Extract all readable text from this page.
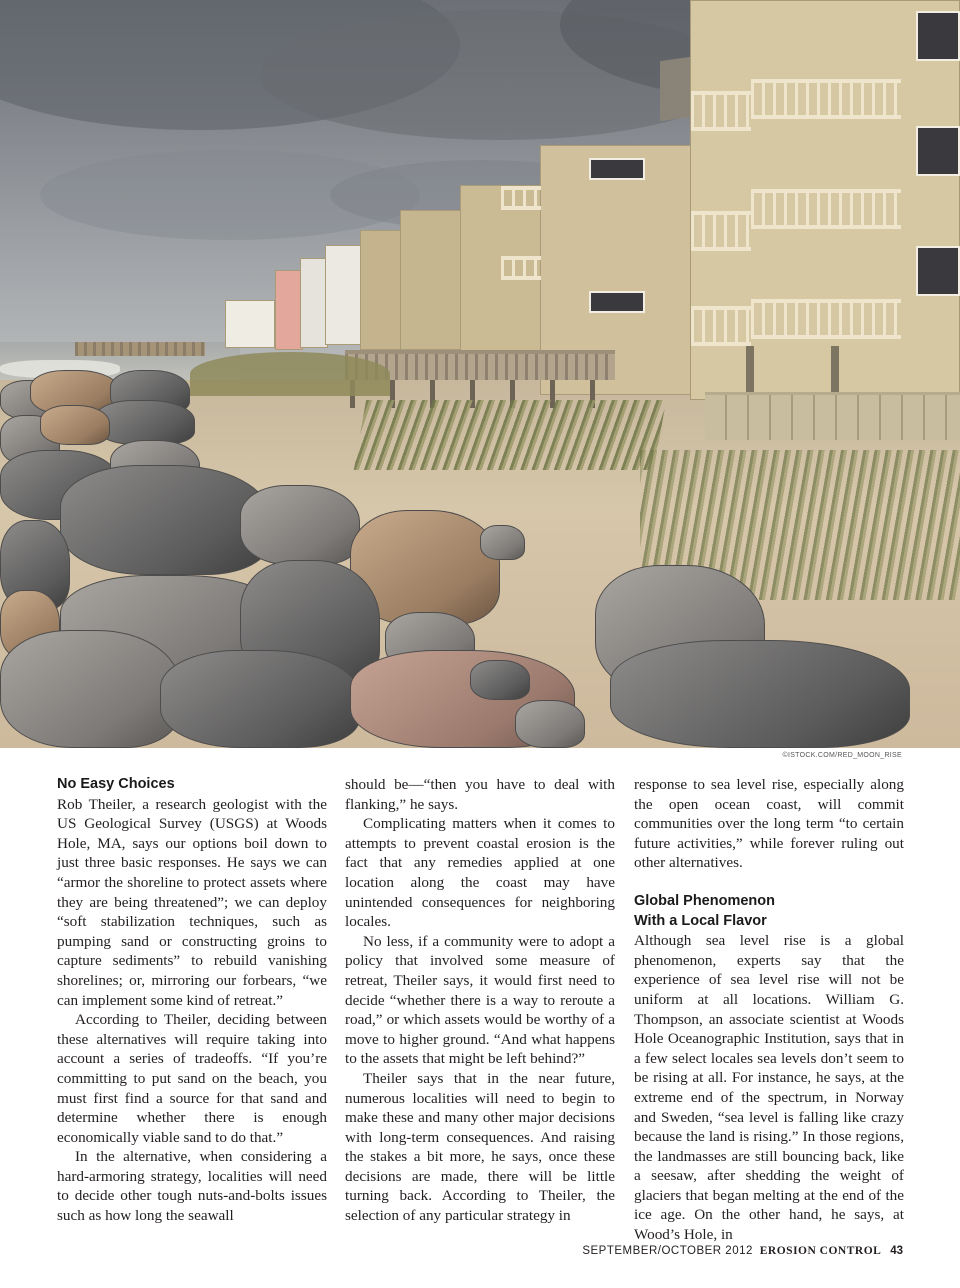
©ISTOCK.COM/RED_MOON_RISE
No Easy Choices

Rob Theiler, a research geologist with the US Geological Survey (USGS) at Woods Hole, MA, says our options boil down to just three basic responses. He says we can “armor the shoreline to protect assets where they are being threatened”; we can deploy “soft stabilization techniques, such as pumping sand or constructing groins to capture sediments” to rebuild vanishing shorelines; or, mirroring our forbears, “we can implement some kind of retreat.”

According to Theiler, deciding between these alternatives will require taking into account a series of tradeoffs. “If you’re committing to put sand on the beach, you must first find a source for that sand and determine whether there is enough economically viable sand to do that.”

In the alternative, when considering a hard-armoring strategy, localities will need to decide other tough nuts-and-bolts issues such as how long the seawall

should be—“then you have to deal with flanking,” he says.

Complicating matters when it comes to attempts to prevent coastal erosion is the fact that any remedies applied at one location along the coast may have unintended consequences for neighboring locales.

No less, if a community were to adopt a policy that involved some measure of retreat, Theiler says, it would first need to decide “whether there is a way to reroute a road,” or which assets would be worthy of a move to higher ground. “And what happens to the assets that might be left behind?”

Theiler says that in the near future, numerous localities will need to begin to make these and many other major decisions with long-term consequences. And raising the stakes a bit more, he says, once these decisions are made, there will be little turning back. According to Theiler, the selection of any particular strategy in

response to sea level rise, especially along the open ocean coast, will commit communities over the long term “to certain future activities,” while forever ruling out other alternatives.

Global Phenomenon
With a Local Flavor

Although sea level rise is a global phenomenon, experts say that the experience of sea level rise will not be uniform at all locations. William G. Thompson, an associate scientist at Woods Hole Oceanographic Institution, says that in a few select locales sea levels don’t seem to be rising at all. For instance, he says, at the extreme end of the spectrum, in Norway and Sweden, “sea level is falling like crazy because the land is rising.” In those regions, the landmasses are still bouncing back, like a seesaw, after shedding the weight of glaciers that began melting at the end of the ice age. On the other hand, he says, at Wood’s Hole, in

SEPTEMBER/OCTOBER 2012 EROSION CONTROL 43
